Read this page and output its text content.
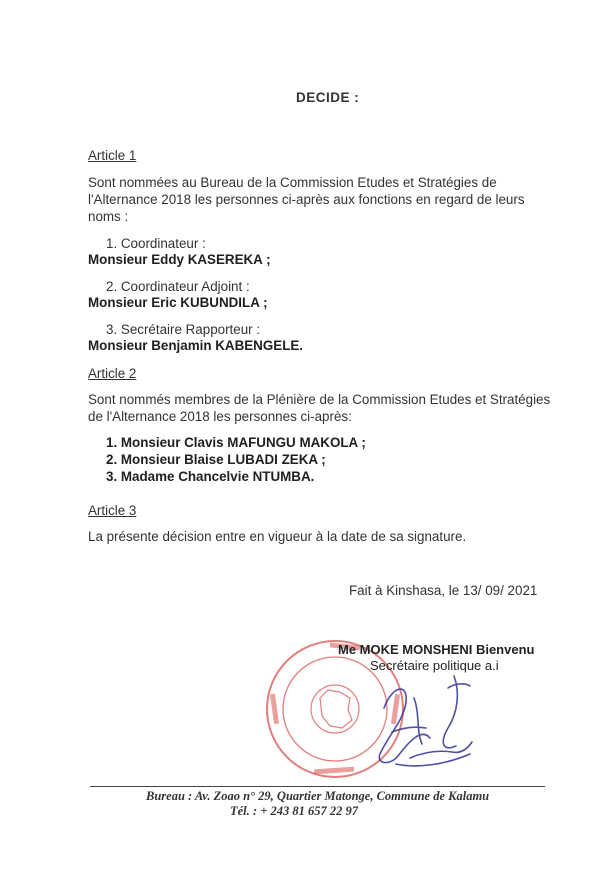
DECIDE :
Article 1
Sont nommées au Bureau de la Commission Etudes et Stratégies de
l'Alternance 2018 les personnes ci-après aux fonctions en regard de leurs
noms :
1. Coordinateur :
Monsieur Eddy KASEREKA ;
2. Coordinateur Adjoint :
Monsieur Eric KUBUNDILA ;
3. Secrétaire Rapporteur :
Monsieur Benjamin KABENGELE.
Article 2
Sont nommés membres de la Plénière de la Commission Etudes et Stratégies
de l'Alternance 2018 les personnes ci-après:
1. Monsieur Clavis MAFUNGU MAKOLA ;
2. Monsieur Blaise LUBADI ZEKA ;
3. Madame Chancelvie NTUMBA.
Article 3
La présente décision entre en vigueur à la date de sa signature.
Fait à Kinshasa, le 13/ 09/ 2021
Me MOKE MONSHENI Bienvenu
Secrétaire politique a.i
Bureau : Av. Zoao n° 29, Quartier Matonge, Commune de Kalamu
Tél. : + 243 81 657 22 97
